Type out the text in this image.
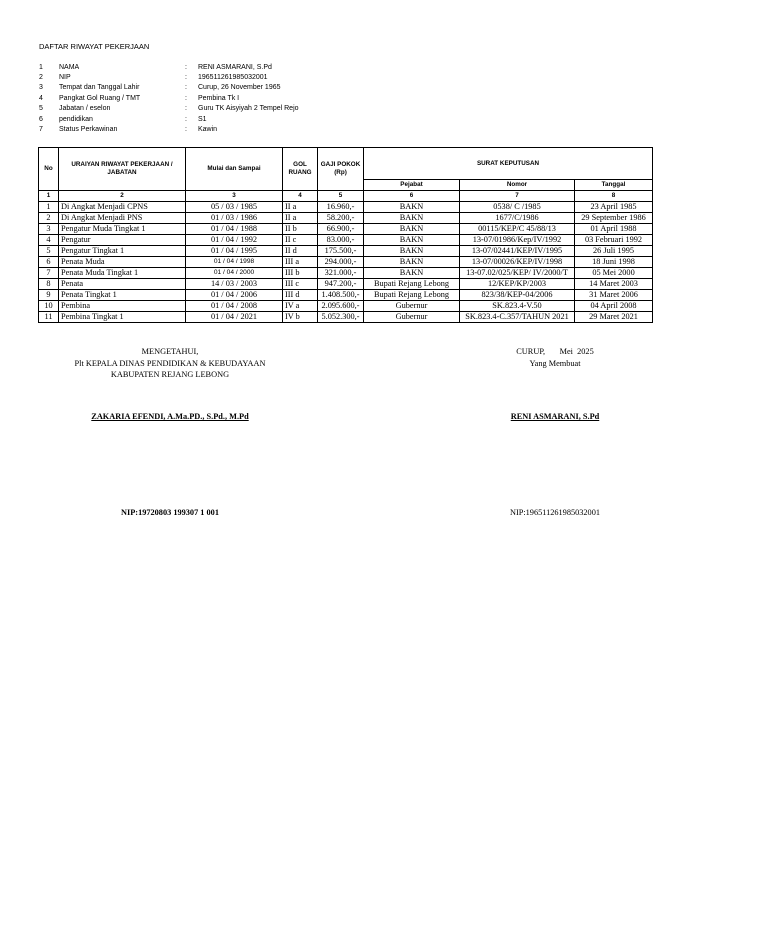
DAFTAR RIWAYAT PEKERJAAN
1	NAMA	:	RENI ASMARANI, S.Pd
2	NIP	:	196511261985032001
3	Tempat dan Tanggal Lahir	:	Curup, 26 November 1965
4	Pangkat Gol Ruang / TMT	:	Pembina Tk I
5	Jabatan / eselon	:	Guru TK Aisyiyah 2 Tempel Rejo
6	pendidikan	:	S1
7	Status Perkawinan	:	Kawin
No	URAIYAN RIWAYAT PEKERJAAN / JABATAN	Mulai dan Sampai	GOL RUANG	GAJI POKOK (Rp)	SURAT KEPUTUSAN		
					Pejabat	Nomor	Tanggal
1	2	3	4	5	6	7	8
1	Di Angkat Menjadi CPNS	05 / 03 / 1985	II a	16.960,-	BAKN	0538/ C /1985	23 April 1985
2	Di Angkat Menjadi PNS	01 / 03 / 1986	II a	58.200,-	BAKN	1677/C/1986	29 September 1986
3	Pengatur Muda Tingkat 1	01 / 04 / 1988	II b	66.900,-	BAKN	00115/KEP/C 45/88/13	01 April 1988
4	Pengatur	01 / 04 / 1992	II c	83.000,-	BAKN	13-07/01986/Kep/IV/1992	03 Februari 1992
5	Pengatur Tingkat 1	01 / 04 / 1995	II d	175.500,-	BAKN	13-07/02441/KEP/IV/1995	26 Juli 1995
6	Penata Muda	01 / 04 / 1998	III a	294.000,-	BAKN	13-07/00026/KEP/IV/1998	18 Juni 1998
7	Penata Muda Tingkat 1	01 / 04 / 2000	III b	321.000,-	BAKN	13-07.02/025/KEP/ IV/2000/T	05 Mei 2000
8	Penata	14 / 03 / 2003	III c	947.200,-	Bupati Rejang Lebong	12/KEP/KP/2003	14 Maret 2003
9	Penata Tingkat 1	01 / 04 / 2006	III d	1.408.500,-	Bupati Rejang Lebong	823/38/KEP-04/2006	31 Maret 2006
10	Pembina	01 / 04 / 2008	IV a	2.095.600,-	Gubernur	SK.823.4-V.50	04 April 2008
11	Pembina Tingkat 1	01 / 04 / 2021	IV b	5.052.300,-	Gubernur	SK.823.4-C.357/TAHUN 2021	29 Maret 2021
MENGETAHUI,
Plt KEPALA DINAS PENDIDIKAN & KEBUDAYAAN
KABUPATEN REJANG LEBONG
CURUP,       Mei  2025
Yang Membuat
ZAKARIA EFENDI, A.Ma.PD., S.Pd., M.Pd	RENI ASMARANI, S.Pd
NIP:19720803 199307 1 001	NIP:196511261985032001
